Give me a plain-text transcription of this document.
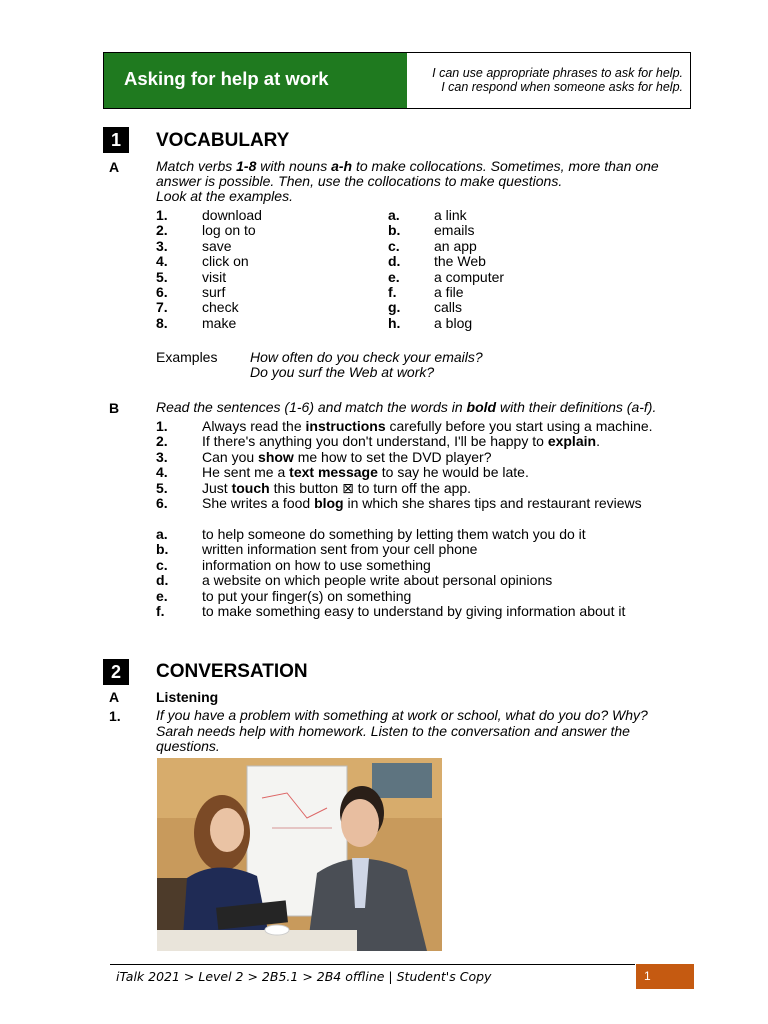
Asking for help at work	I can use appropriate phrases to ask for help.
I can respond when someone asks for help.
1	VOCABULARY
A	Match verbs 1-8 with nouns a-h to make collocations. Sometimes, more than one
answer is possible. Then, use the collocations to make questions.
Look at the examples.
1. download
2. log on to
3. save
4. click on
5. visit
6. surf
7. check
8. make
a. a link
b. emails
c. an app
d. the Web
e. a computer
f.	a file
g. calls
h. a blog
Examples How often do you check your emails?
Do you surf the Web at work?
B	Read the sentences (1-6) and match the words in bold with their definitions (a-f).
1. Always read the instructions carefully before you start using a machine.
2. If there's anything you don't understand, I'll be happy to explain.
3. Can you show me how to set the DVD player?
4. He sent me a text message to say he would be late.
5. Just touch this button ⊠ to turn off the app.
6. She writes a food blog in which she shares tips and restaurant reviews
a. to help someone do something by letting them watch you do it
b. written information sent from your cell phone
c. information on how to use something
d. a website on which people write about personal opinions
e. to put your finger(s) on something
f.	to make something easy to understand by giving information about it
2	CONVERSATION
A	Listening
1.	If you have a problem with something at work or school, what do you do? Why?
Sarah needs help with homework. Listen to the conversation and answer the
questions.
iTalk 2021 > Level 2 > 2B5.1 > 2B4 offline | Student's Copy	1
